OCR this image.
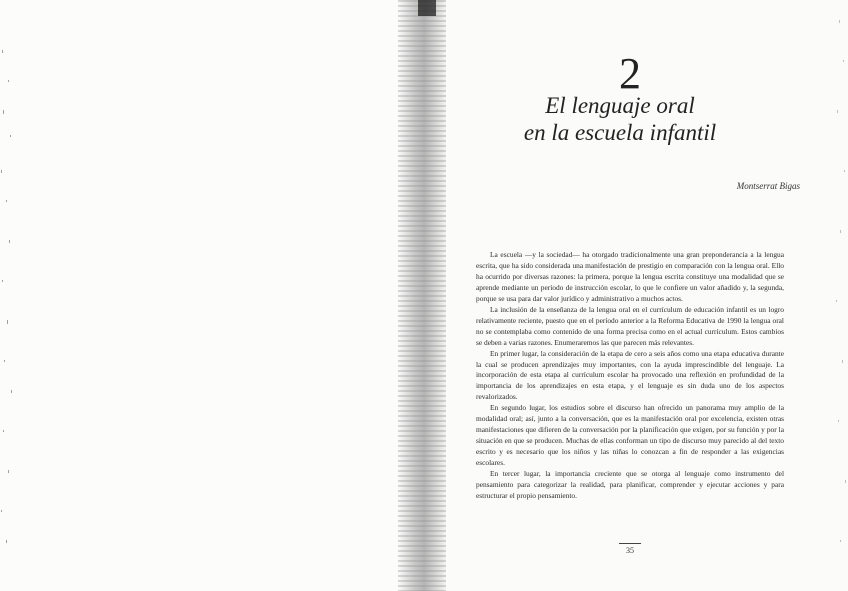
2
El lenguaje oral
en la escuela infantil
Montserrat Bigas

La escuela —y la sociedad— ha otorgado tradicionalmente una gran preponderancia a la lengua escrita, que ha sido considerada una manifestación de prestigio en comparación con la lengua oral. Ello ha ocurrido por diversas razones: la primera, porque la lengua escrita constituye una modalidad que se aprende mediante un período de instrucción escolar, lo que le confiere un valor añadido y, la segunda, porque se usa para dar valor jurídico y administrativo a muchos actos.

La inclusión de la enseñanza de la lengua oral en el currículum de educación infantil es un logro relativamente reciente, puesto que en el período anterior a la Reforma Educativa de 1990 la lengua oral no se contemplaba como contenido de una forma precisa como en el actual currículum. Estos cambios se deben a varias razones. Enumeraremos las que parecen más relevantes.

En primer lugar, la consideración de la etapa de cero a seis años como una etapa educativa durante la cual se producen aprendizajes muy importantes, con la ayuda imprescindible del lenguaje. La incorporación de esta etapa al currículum escolar ha provocado una reflexión en profundidad de la importancia de los aprendizajes en esta etapa, y el lenguaje es sin duda uno de los aspectos revalorizados.

En segundo lugar, los estudios sobre el discurso han ofrecido un panorama muy amplio de la modalidad oral; así, junto a la conversación, que es la manifestación oral por excelencia, existen otras manifestaciones que difieren de la conversación por la planificación que exigen, por su función y por la situación en que se producen. Muchas de ellas conforman un tipo de discurso muy parecido al del texto escrito y es necesario que los niños y las niñas lo conozcan a fin de responder a las exigencias escolares.

En tercer lugar, la importancia creciente que se otorga al lenguaje como instrumento del pensamiento para categorizar la realidad, para planificar, comprender y ejecutar acciones y para estructurar el propio pensamiento.

35
